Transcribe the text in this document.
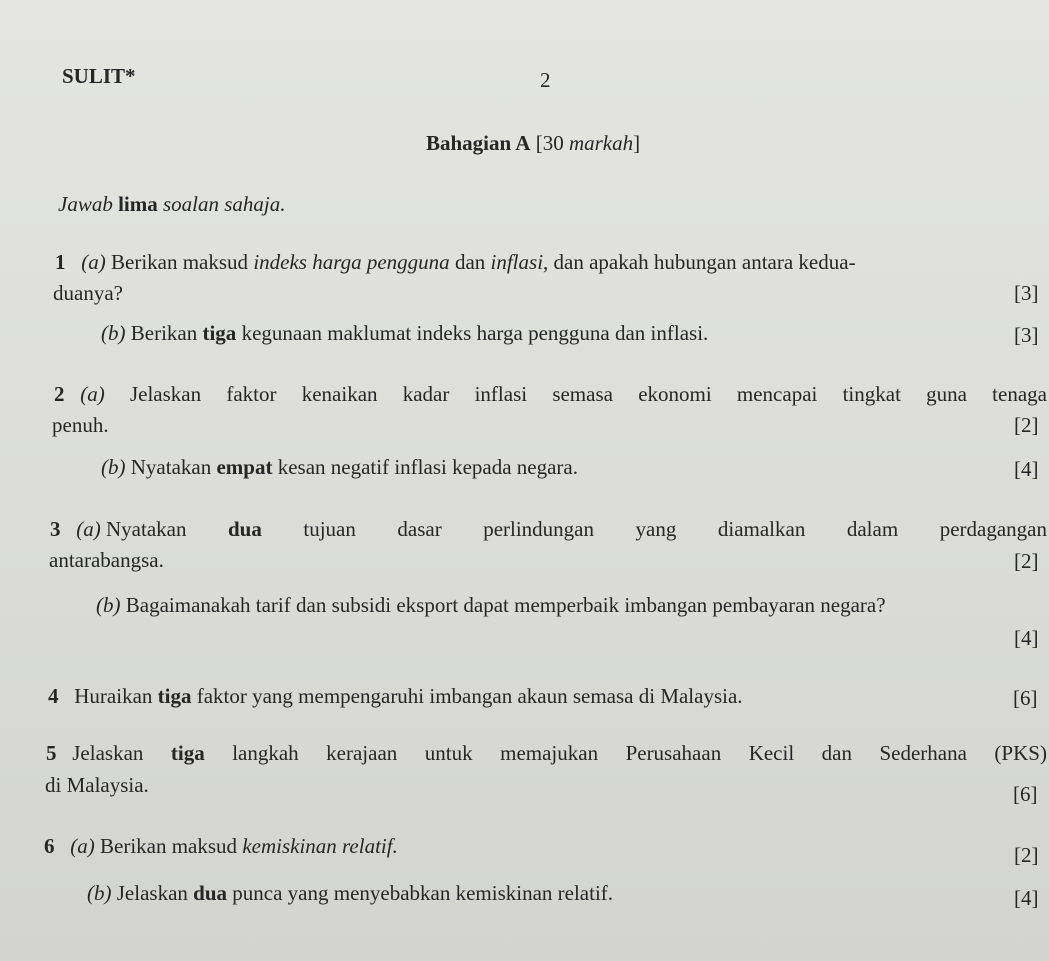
SULIT*	2
Bahagian A [30 markah]
Jawab lima soalan sahaja.
1 (a) Berikan maksud indeks harga pengguna dan inflasi, dan apakah hubungan antara kedua-
duanya?	[3]
(b) Berikan tiga kegunaan maklumat indeks harga pengguna dan inflasi.	[3]
2 (a) Jelaskan faktor kenaikan kadar inflasi semasa ekonomi mencapai tingkat guna tenaga
penuh.	[2]
(b) Nyatakan empat kesan negatif inflasi kepada negara.	[4]
3 (a) Nyatakan dua tujuan dasar perlindungan yang diamalkan dalam perdagangan
antarabangsa.	[2]
(b) Bagaimanakah tarif dan subsidi eksport dapat memperbaik imbangan pembayaran negara?
[4]
4 Huraikan tiga faktor yang mempengaruhi imbangan akaun semasa di Malaysia.	[6]
5 Jelaskan tiga langkah kerajaan untuk memajukan Perusahaan Kecil dan Sederhana (PKS)
di Malaysia.	[6]
6 (a) Berikan maksud kemiskinan relatif.	[2]
(b) Jelaskan dua punca yang menyebabkan kemiskinan relatif.	[4]
